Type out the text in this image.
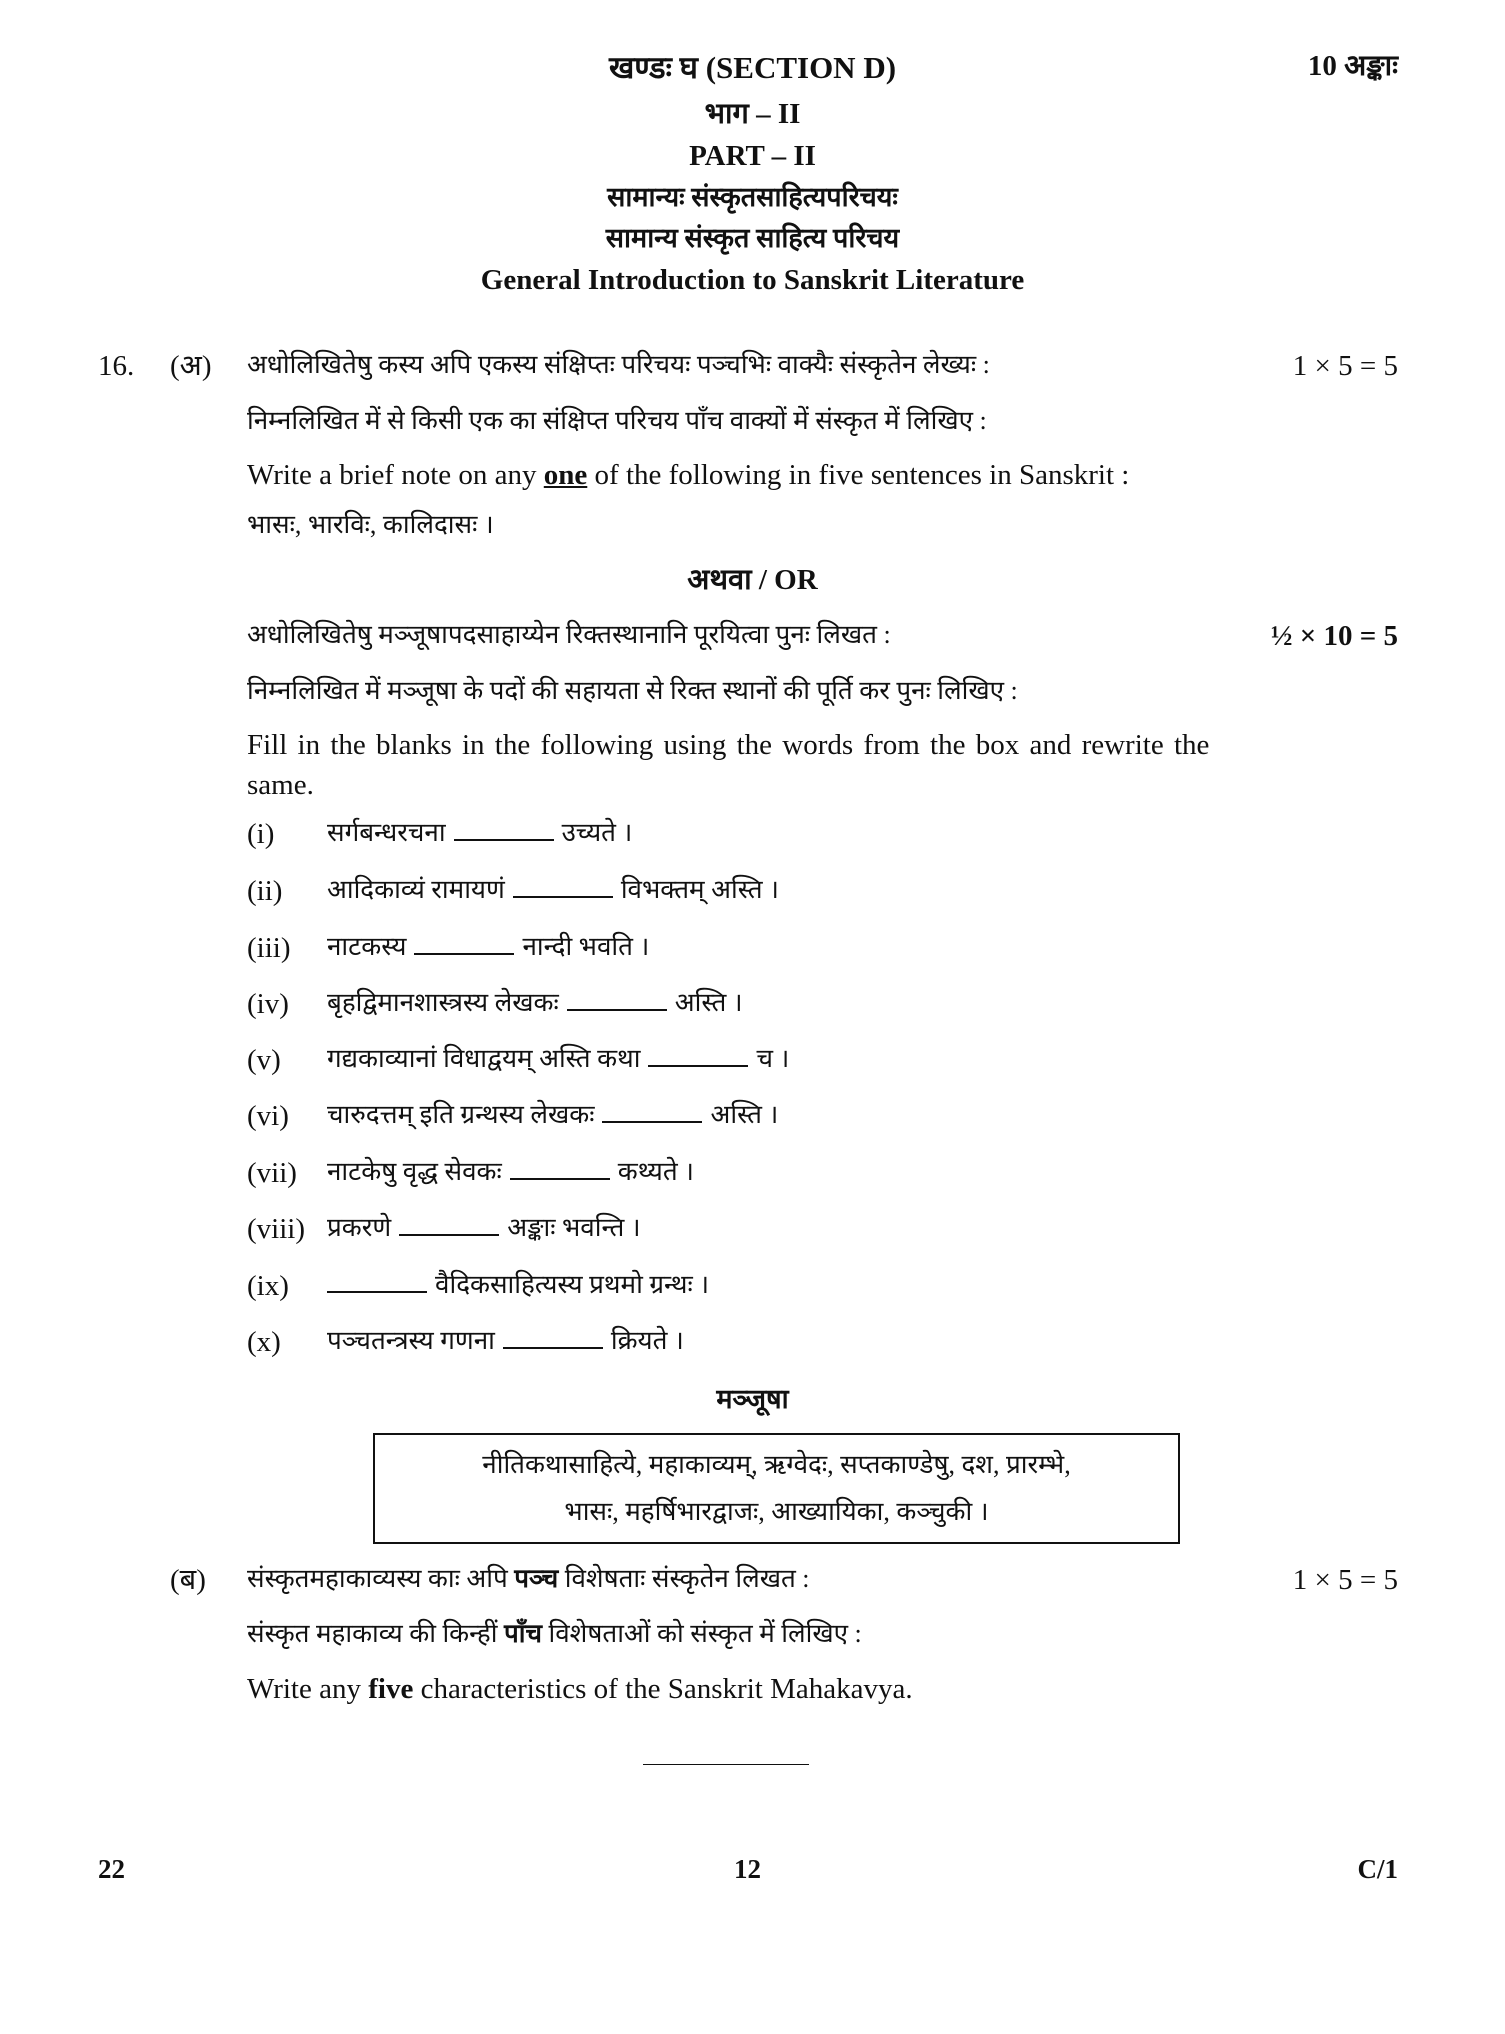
खण्डः घ (SECTION D)	10 अङ्काः
भाग – II
PART – II
सामान्यः संस्कृतसाहित्यपरिचयः
सामान्य संस्कृत साहित्य परिचय
General Introduction to Sanskrit Literature
16. (अ) अधोलिखितेषु कस्य अपि एकस्य संक्षिप्तः परिचयः पञ्चभिः वाक्यैः संस्कृतेन लेख्यः :	1 × 5 = 5
निम्नलिखित में से किसी एक का संक्षिप्त परिचय पाँच वाक्यों में संस्कृत में लिखिए :
Write a brief note on any one of the following in five sentences in Sanskrit :
भासः, भारविः, कालिदासः ।
अथवा / OR
अधोलिखितेषु मञ्जूषापदसाहाय्येन रिक्तस्थानानि पूरयित्वा पुनः लिखत :	½ × 10 = 5
निम्नलिखित में मञ्जूषा के पदों की सहायता से रिक्त स्थानों की पूर्ति कर पुनः लिखिए :
Fill in the blanks in the following using the words from the box and rewrite the
same.
(i) सर्गबन्धरचना	उच्यते ।
(ii) आदिकाव्यं रामायणं	विभक्तम् अस्ति ।
(iii) नाटकस्य	नान्दी भवति ।
(iv) बृहद्विमानशास्त्रस्य लेखकः	अस्ति ।
(v) गद्यकाव्यानां विधाद्वयम् अस्ति कथा	च ।
(vi) चारुदत्तम् इति ग्रन्थस्य लेखकः	अस्ति ।
(vii) नाटकेषु वृद्ध सेवकः	कथ्यते ।
(viii) प्रकरणे	अङ्काः भवन्ति ।
(ix)	वैदिकसाहित्यस्य प्रथमो ग्रन्थः ।
(x) पञ्चतन्त्रस्य गणना	क्रियते ।
मञ्जूषा
नीतिकथासाहित्ये, महाकाव्यम्, ऋग्वेदः, सप्तकाण्डेषु, दश, प्रारम्भे,
भासः, महर्षिभारद्वाजः, आख्यायिका, कञ्चुकी ।
(ब) संस्कृतमहाकाव्यस्य काः अपि पञ्च विशेषताः संस्कृतेन लिखत :	1 × 5 = 5
संस्कृत महाकाव्य की किन्हीं पाँच विशेषताओं को संस्कृत में लिखिए :
Write any five characteristics of the Sanskrit Mahakavya.
22	12	C/1
